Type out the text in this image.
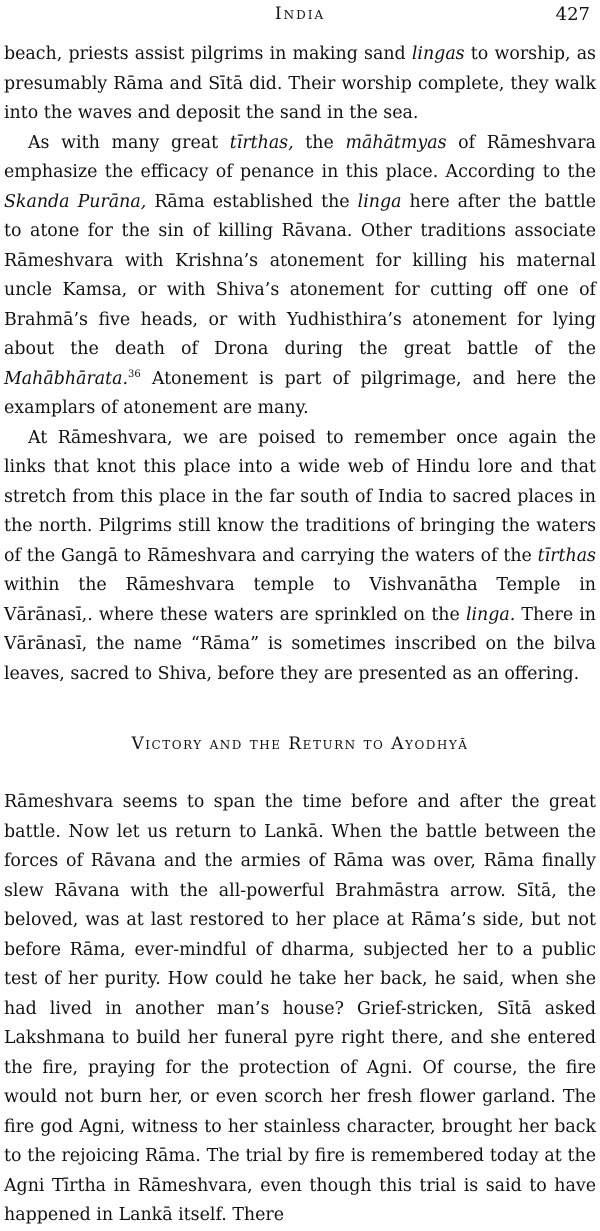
India	427

beach, priests assist pilgrims in making sand lingas to worship, as presumably Rāma and Sītā did. Their worship complete, they walk into the waves and deposit the sand in the sea.

As with many great tīrthas, the māhātmyas of Rāmeshvara emphasize the efficacy of penance in this place. According to the Skanda Purāna, Rāma established the linga here after the battle to atone for the sin of killing Rāvana. Other traditions associate Rāmeshvara with Krishna’s atonement for killing his maternal uncle Kamsa, or with Shiva’s atonement for cutting off one of Brahmā’s five heads, or with Yudhisthira’s atonement for lying about the death of Drona during the great battle of the Mahābhārata.$^{36}$ Atonement is part of pilgrimage, and here the examplars of atonement are many.

At Rāmeshvara, we are poised to remember once again the links that knot this place into a wide web of Hindu lore and that stretch from this place in the far south of India to sacred places in the north. Pilgrims still know the traditions of bringing the waters of the Gangā to Rāmeshvara and carrying the waters of the tīrthas within the Rāmeshvara temple to Vishvanātha Temple in Vārānasī,. where these waters are sprinkled on the linga. There in Vārānasī, the name “Rāma” is sometimes inscribed on the bilva leaves, sacred to Shiva, before they are presented as an offering.

Victory and the Return to Ayodhyā

Rāmeshvara seems to span the time before and after the great battle. Now let us return to Lankā. When the battle between the forces of Rāvana and the armies of Rāma was over, Rāma finally slew Rāvana with the all-powerful Brahmāstra arrow. Sītā, the beloved, was at last restored to her place at Rāma’s side, but not before Rāma, ever-mindful of dharma, subjected her to a public test of her purity. How could he take her back, he said, when she had lived in another man’s house? Grief-stricken, Sītā asked Lakshmana to build her funeral pyre right there, and she entered the fire, praying for the protection of Agni. Of course, the fire would not burn her, or even scorch her fresh flower garland. The fire god Agni, witness to her stainless character, brought her back to the rejoicing Rāma. The trial by fire is remembered today at the Agni Tīrtha in Rāmeshvara, even though this trial is said to have happened in Lankā itself. There
